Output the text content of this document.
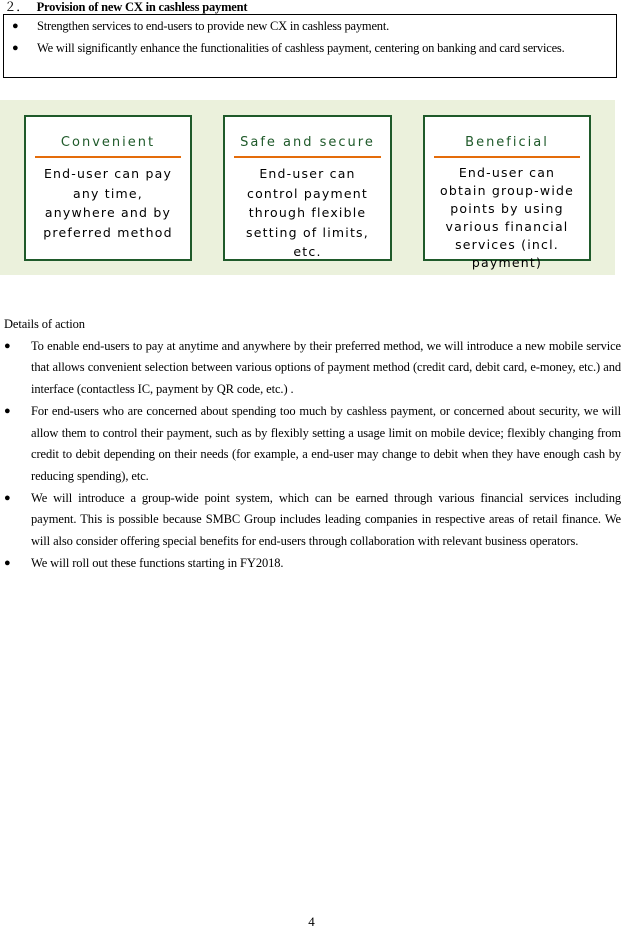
２． Provision of new CX in cashless payment
● Strengthen services to end-users to provide new CX in cashless payment.
● We will significantly enhance the functionalities of cashless payment, centering on banking and card services.
Convenient
End-user can pay any time, anywhere and by preferred method
Safe and secure
End-user can control payment through flexible setting of limits, etc.
Beneficial
End-user can obtain group-wide points by using various financial services (incl. payment)
Details of action
● To enable end-users to pay at anytime and anywhere by their preferred method, we will introduce a new mobile service that allows convenient selection between various options of payment method (credit card, debit card, e-money, etc.) and interface (contactless IC, payment by QR code, etc.) .
● For end-users who are concerned about spending too much by cashless payment, or concerned about security, we will allow them to control their payment, such as by flexibly setting a usage limit on mobile device; flexibly changing from credit to debit depending on their needs (for example, a end-user may change to debit when they have enough cash by reducing spending), etc.
● We will introduce a group-wide point system, which can be earned through various financial services including payment. This is possible because SMBC Group includes leading companies in respective areas of retail finance. We will also consider offering special benefits for end-users through collaboration with relevant business operators.
● We will roll out these functions starting in FY2018.
4
